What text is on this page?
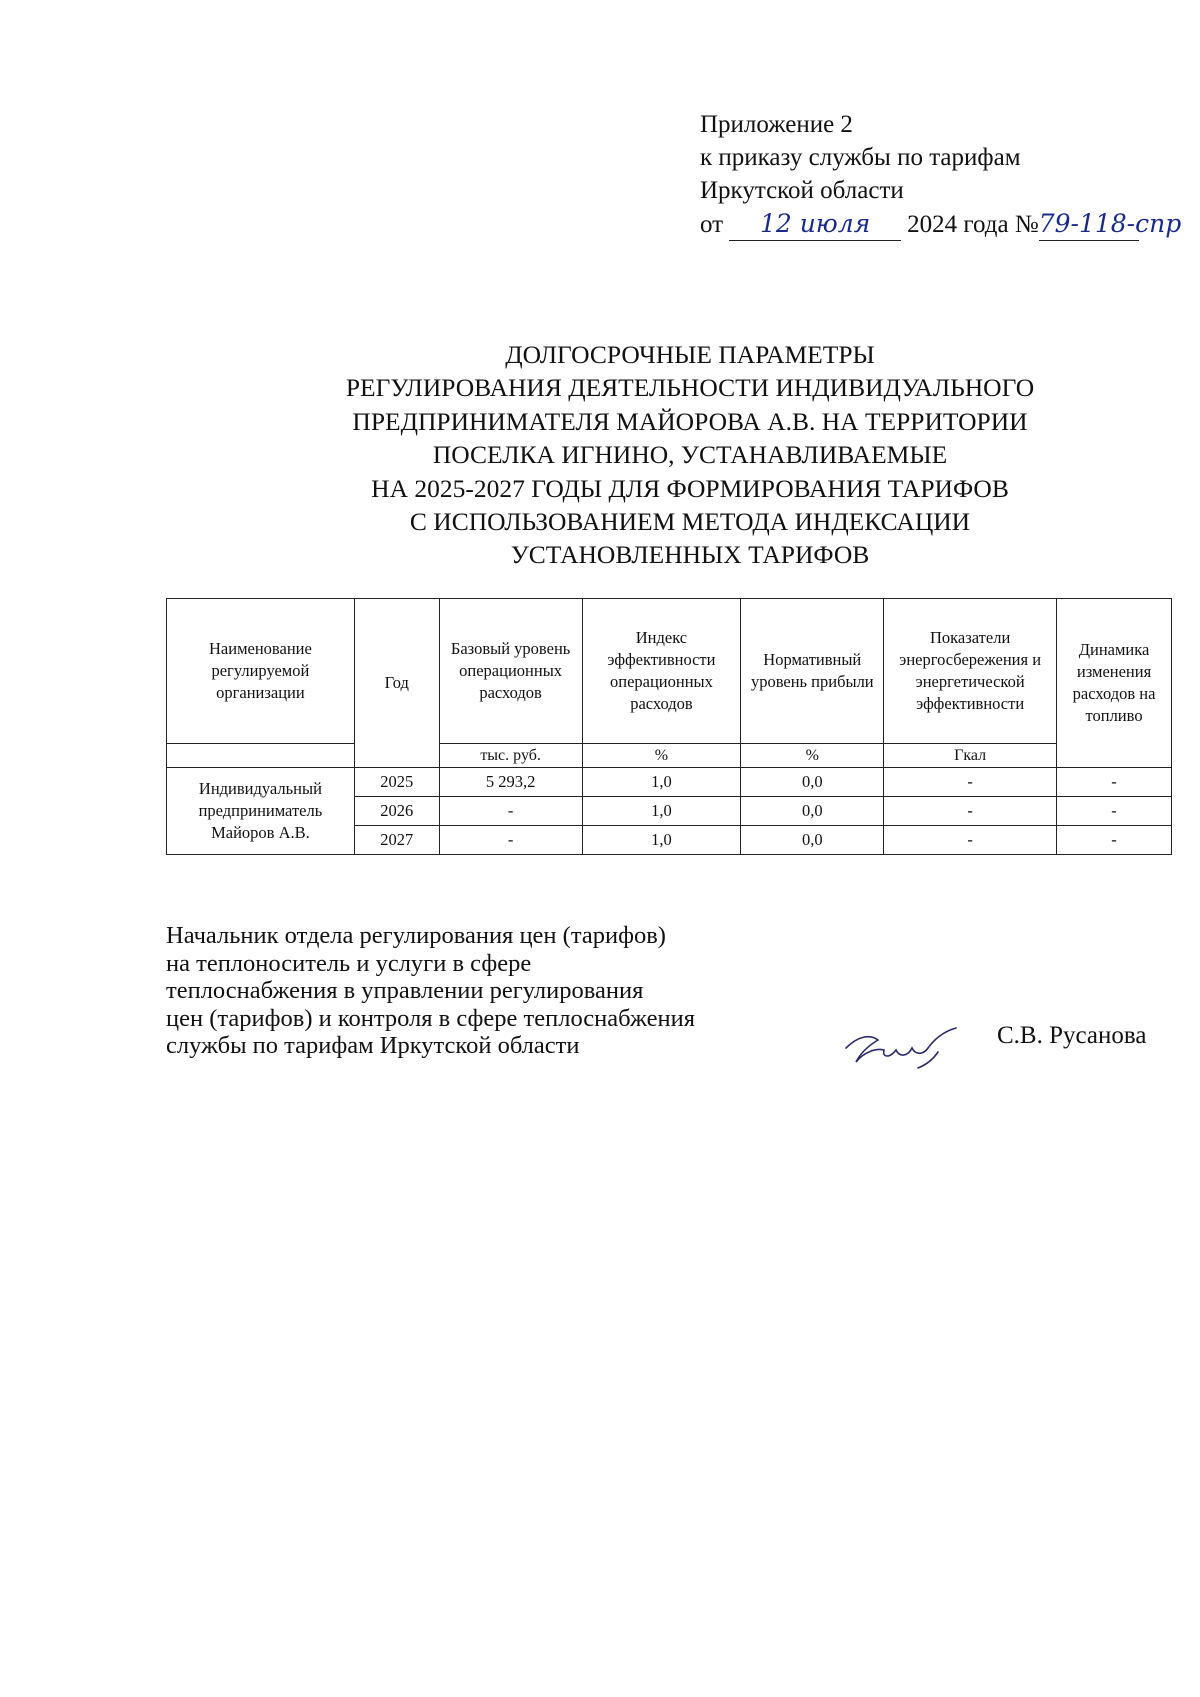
Приложение 2
к приказу службы по тарифам
Иркутской области
от 12 июля 2024 года №79-118-спр
ДОЛГОСРОЧНЫЕ ПАРАМЕТРЫ
РЕГУЛИРОВАНИЯ ДЕЯТЕЛЬНОСТИ ИНДИВИДУАЛЬНОГО
ПРЕДПРИНИМАТЕЛЯ МАЙОРОВА А.В. НА ТЕРРИТОРИИ
ПОСЕЛКА ИГНИНО, УСТАНАВЛИВАЕМЫЕ
НА 2025-2027 ГОДЫ ДЛЯ ФОРМИРОВАНИЯ ТАРИФОВ
С ИСПОЛЬЗОВАНИЕМ МЕТОДА ИНДЕКСАЦИИ
УСТАНОВЛЕННЫХ ТАРИФОВ
Наименование регулируемой организации	Год	Базовый уровень операционных расходов	Индекс эффективности операционных расходов	Нормативный уровень прибыли	Показатели энергосбережения и энергетической эффективности	Динамика изменения расходов на топливо
		тыс. руб.	%	%	Гкал	
Индивидуальный предприниматель Майоров А.В.	2025	5 293,2	1,0	0,0	-	-
	2026	-	1,0	0,0	-	-
	2027	-	1,0	0,0	-	-
Начальник отдела регулирования цен (тарифов)
на теплоноситель и услуги в сфере
теплоснабжения в управлении регулирования
цен (тарифов) и контроля в сфере теплоснабжения
службы по тарифам Иркутской области	С.В. Русанова
